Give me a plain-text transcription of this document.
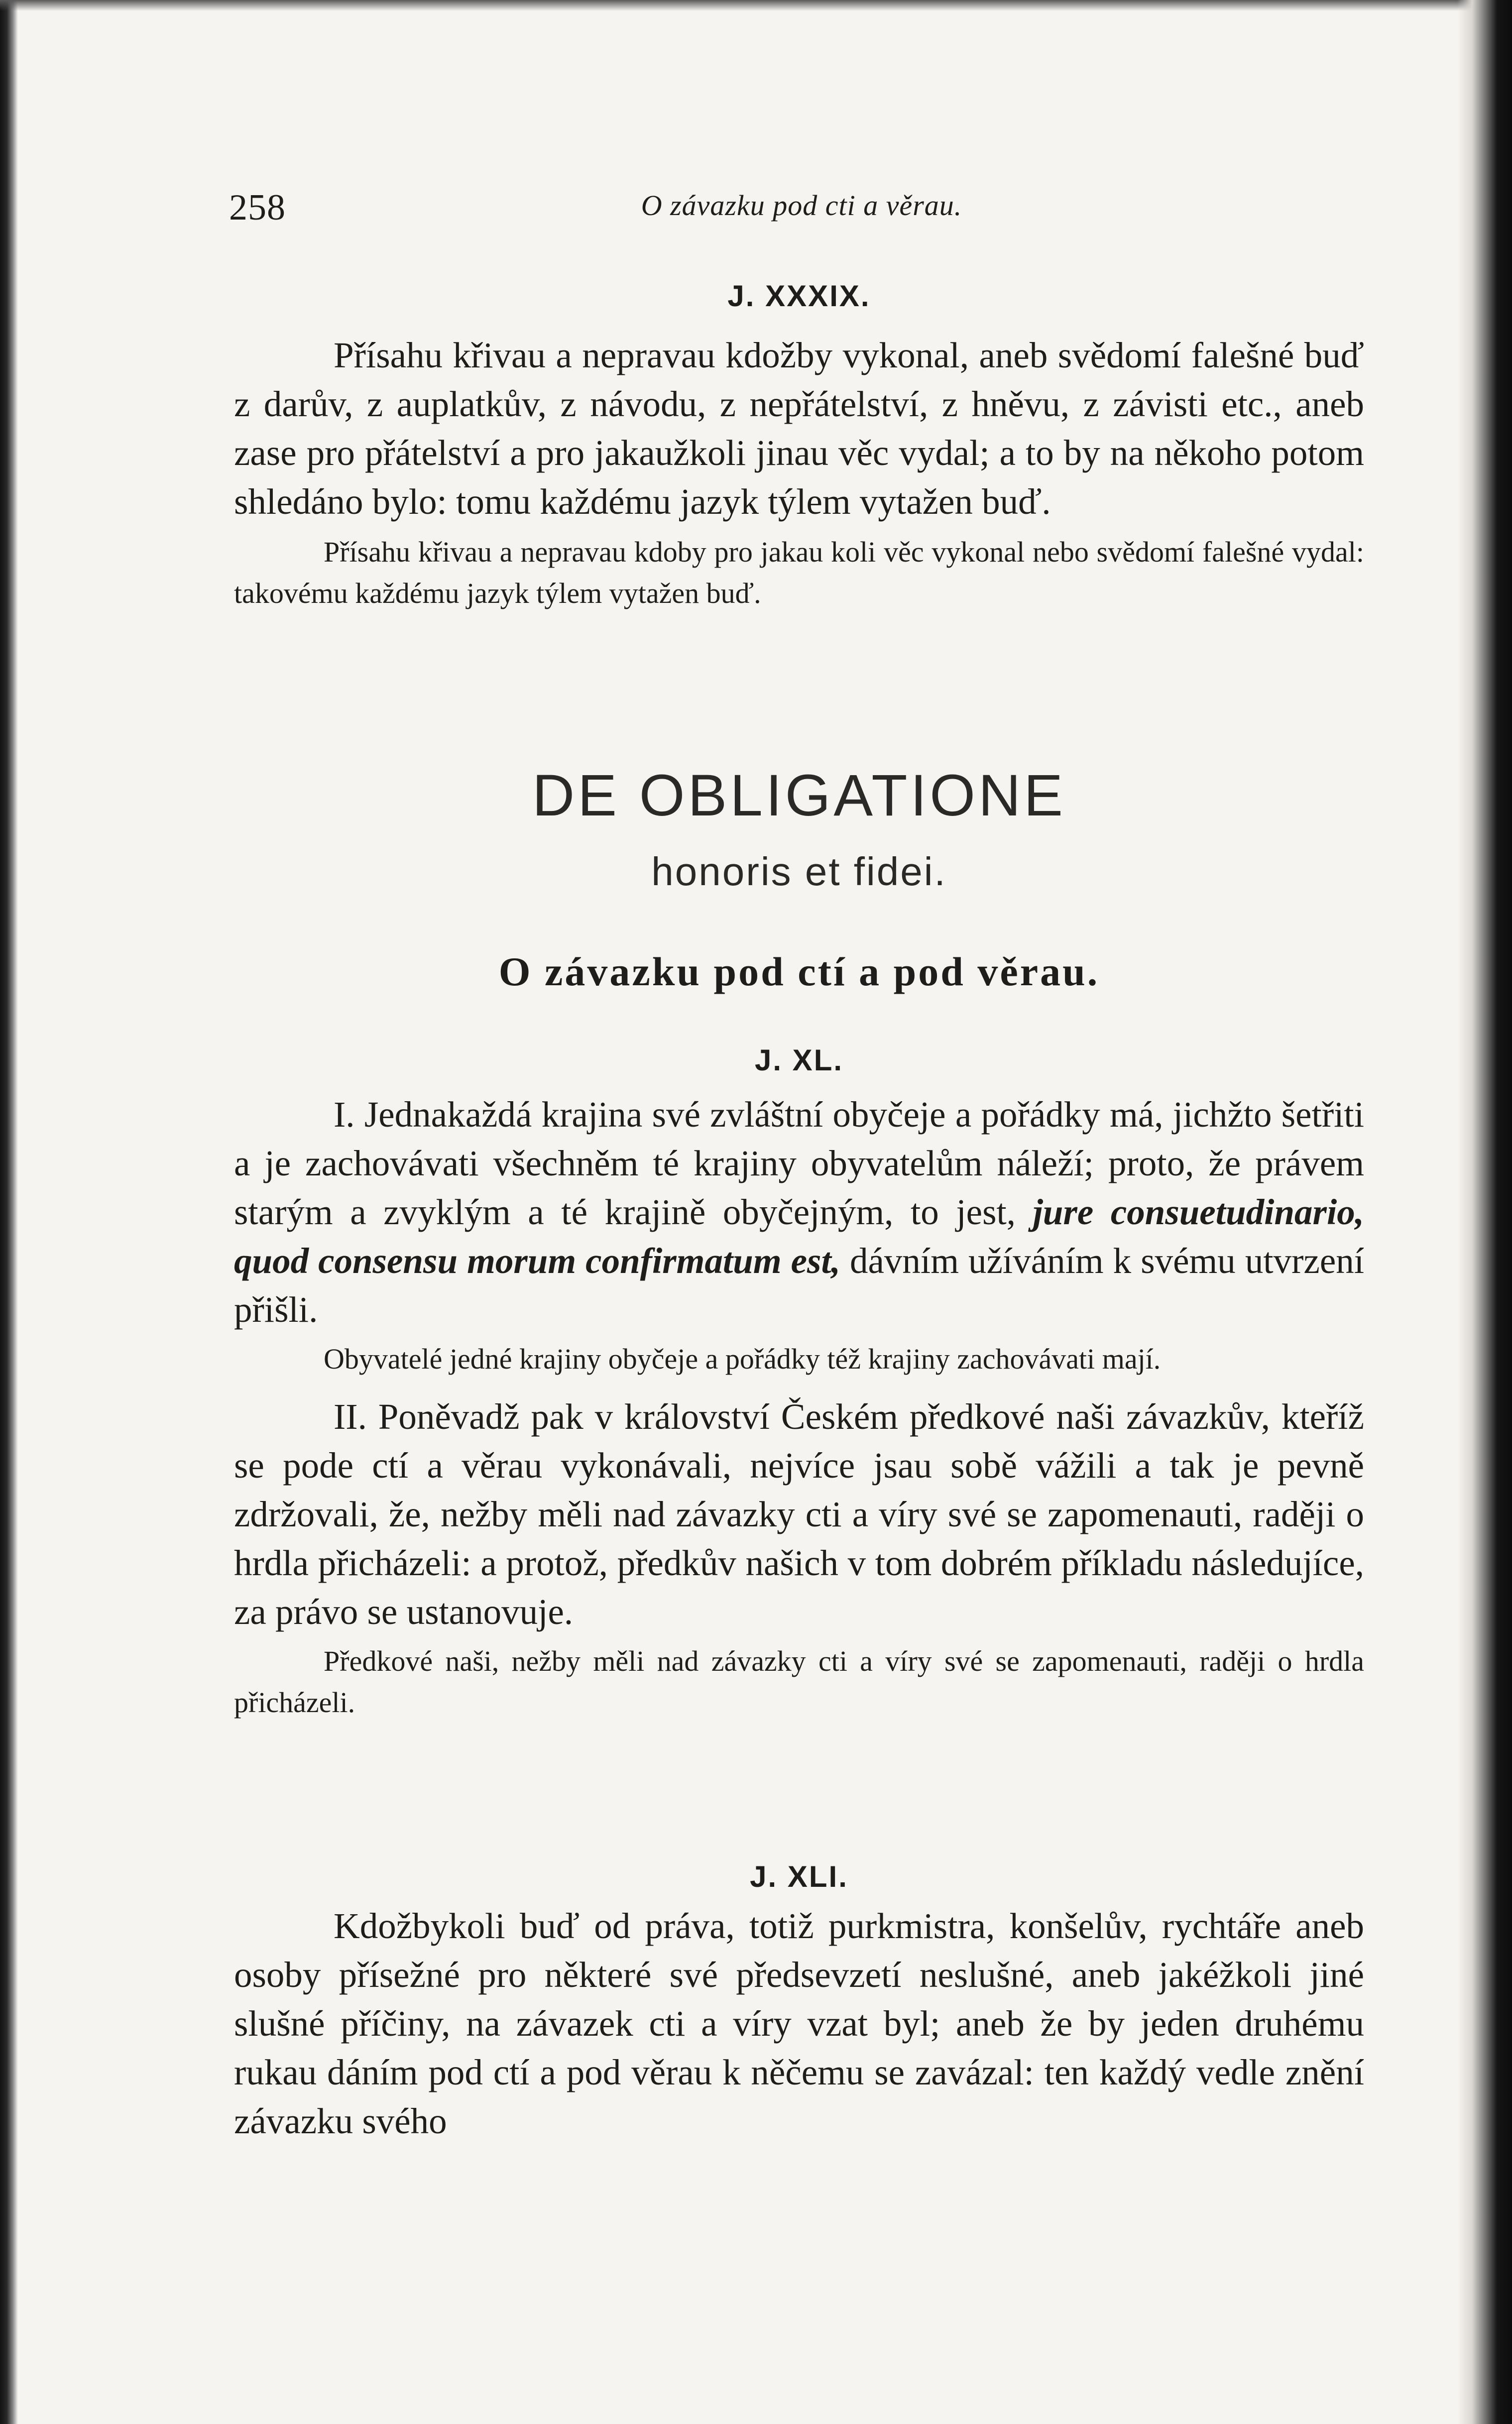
258	O závazku pod cti a věrau.
J. XXXIX.

Přísahu křivau a nepravau kdožby vykonal, aneb svědomí falešné buď z darův, z auplatkův, z návodu, z nepřátelství, z hněvu, z závisti etc., aneb zase pro přátelství a pro jakaužkoli jinau věc vydal; a to by na někoho potom shledáno bylo: tomu každému jazyk týlem vytažen buď.

Přísahu křivau a nepravau kdoby pro jakau koli věc vykonal nebo svědomí falešné vydal: takovému každému jazyk týlem vytažen buď.

DE OBLIGATIONE
honoris et fidei.
O závazku pod ctí a pod věrau.
J. XL.

I. Jednakaždá krajina své zvláštní obyčeje a pořádky má, jichžto šetřiti a je zachovávati všechněm té krajiny obyvatelům náleží; proto, že právem starým a zvyklým a té krajině obyčejným, to jest, jure consuetudinario, quod consensu morum confirmatum est, dávním užíváním k svému utvrzení přišli.

Obyvatelé jedné krajiny obyčeje a pořádky též krajiny zachovávati mají.

II. Poněvadž pak v království Českém předkové naši závazkův, kteříž se pode ctí a věrau vykonávali, nejvíce jsau sobě vážili a tak je pevně zdržovali, že, nežby měli nad závazky cti a víry své se zapomenauti, raději o hrdla přicházeli: a protož, předkův našich v tom dobrém příkladu následujíce, za právo se ustanovuje.

Předkové naši, nežby měli nad závazky cti a víry své se zapomenauti, raději o hrdla přicházeli.

J. XLI.

Kdožbykoli buď od práva, totiž purkmistra, konšelův, rychtáře aneb osoby přísežné pro některé své předsevzetí neslušné, aneb jakéžkoli jiné slušné příčiny, na závazek cti a víry vzat byl; aneb že by jeden druhému rukau dáním pod ctí a pod věrau k něčemu se zavázal: ten každý vedle znění závazku svého
